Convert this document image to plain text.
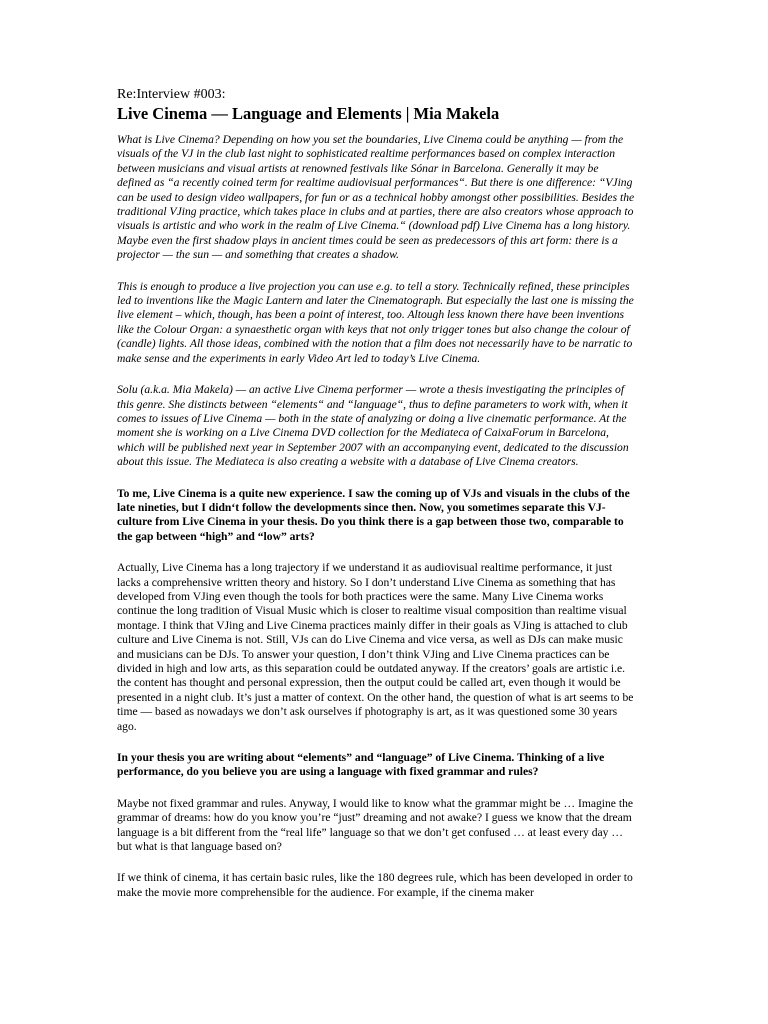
Re:Interview #003:
Live Cinema — Language and Elements | Mia Makela

What is Live Cinema? Depending on how you set the boundaries, Live Cinema could be anything — from the visuals of the VJ in the club last night to sophisticated realtime performances based on complex interaction between musicians and visual artists at renowned festivals like Sónar in Barcelona. Generally it may be defined as “a recently coined term for realtime audiovisual performances“. But there is one difference: “VJing can be used to design video wallpapers, for fun or as a technical hobby amongst other possibilities. Besides the traditional VJing practice, which takes place in clubs and at parties, there are also creators whose approach to visuals is artistic and who work in the realm of Live Cinema.“ (download pdf) Live Cinema has a long history. Maybe even the first shadow plays in ancient times could be seen as predecessors of this art form: there is a projector — the sun — and something that creates a shadow.

This is enough to produce a live projection you can use e.g. to tell a story. Technically refined, these principles led to inventions like the Magic Lantern and later the Cinematograph. But especially the last one is missing the live element – which, though, has been a point of interest, too. Altough less known there have been inventions like the Colour Organ: a synaesthetic organ with keys that not only trigger tones but also change the colour of (candle) lights. All those ideas, combined with the notion that a film does not necessarily have to be narratic to make sense and the experiments in early Video Art led to today’s Live Cinema.

Solu (a.k.a. Mia Makela) — an active Live Cinema performer — wrote a thesis investigating the principles of this genre. She distincts between “elements“ and “language“, thus to define parameters to work with, when it comes to issues of Live Cinema — both in the state of analyzing or doing a live cinematic performance. At the moment she is working on a Live Cinema DVD collection for the Mediateca of CaixaForum in Barcelona, which will be published next year in September 2007 with an accompanying event, dedicated to the discussion about this issue. The Mediateca is also creating a website with a database of Live Cinema creators.

To me, Live Cinema is a quite new experience. I saw the coming up of VJs and visuals in the clubs of the late nineties, but I didn‘t follow the developments since then. Now, you sometimes separate this VJ-culture from Live Cinema in your thesis. Do you think there is a gap between those two, comparable to the gap between “high” and “low” arts?

Actually, Live Cinema has a long trajectory if we understand it as audiovisual realtime performance, it just lacks a comprehensive written theory and history. So I don’t understand Live Cinema as something that has developed from VJing even though the tools for both practices were the same. Many Live Cinema works continue the long tradition of Visual Music which is closer to realtime visual composition than realtime visual montage. I think that VJing and Live Cinema practices mainly differ in their goals as VJing is attached to club culture and Live Cinema is not. Still, VJs can do Live Cinema and vice versa, as well as DJs can make music and musicians can be DJs. To answer your question, I don’t think VJing and Live Cinema practices can be divided in high and low arts, as this separation could be outdated anyway. If the creators’ goals are artistic i.e. the content has thought and personal expression, then the output could be called art, even though it would be presented in a night club. It’s just a matter of context. On the other hand, the question of what is art seems to be time — based as nowadays we don’t ask ourselves if photography is art, as it was questioned some 30 years ago.

In your thesis you are writing about “elements” and “language” of Live Cinema. Thinking of a live performance, do you believe you are using a language with fixed grammar and rules?

Maybe not fixed grammar and rules. Anyway, I would like to know what the grammar might be … Imagine the grammar of dreams: how do you know you’re “just” dreaming and not awake? I guess we know that the dream language is a bit different from the “real life” language so that we don’t get confused … at least every day … but what is that language based on?

If we think of cinema, it has certain basic rules, like the 180 degrees rule, which has been developed in order to make the movie more comprehensible for the audience. For example, if the cinema maker
